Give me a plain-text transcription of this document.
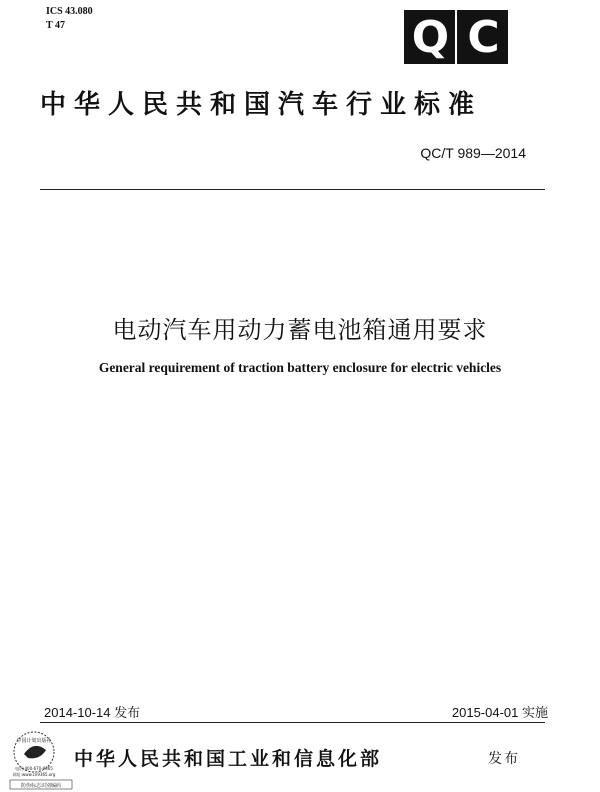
ICS 43.080
T 47	Q C
中华人民共和国汽车行业标准
QC/T 989—2014
电动汽车用动力蓄电池箱通用要求
General requirement of traction battery enclosure for electric vehicles
2014-10-14 发布	2015-04-01 实施
中国计划出版社
电话:400-670-9365
网址:www.cn9365.org
防伪标志识别编码
中华人民共和国工业和信息化部	发布
